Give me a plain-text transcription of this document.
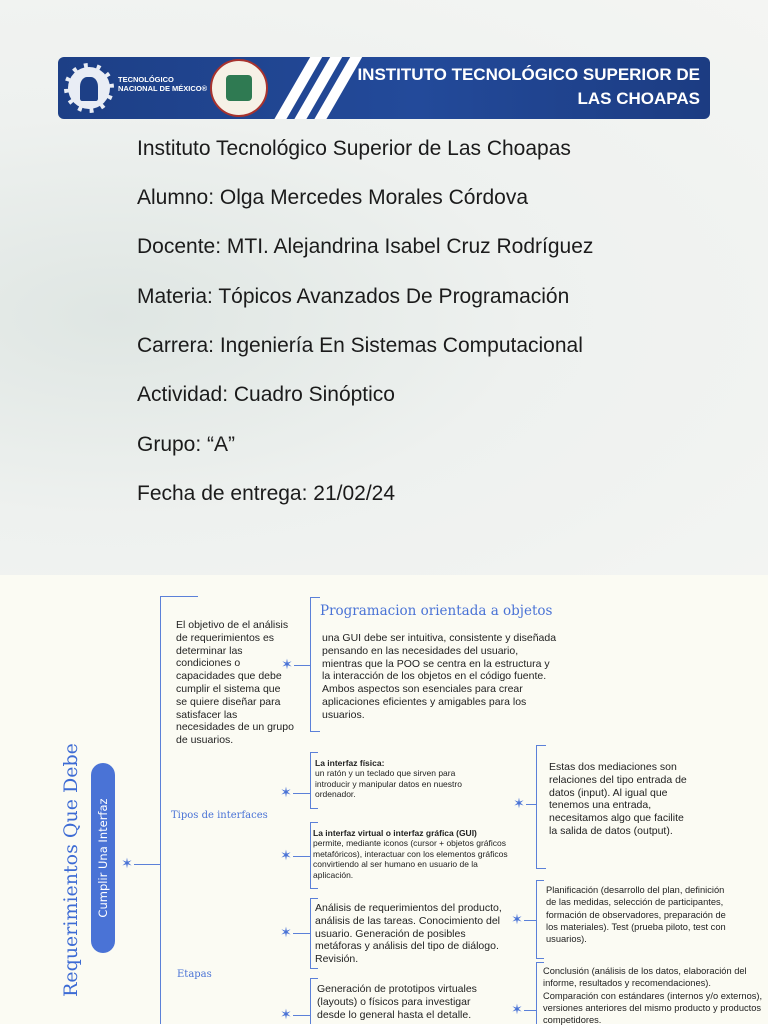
TECNOLÓGICO NACIONAL DE MÉXICO®
INSTITUTO TECNOLÓGICO SUPERIOR DE LAS CHOAPAS
Instituto Tecnológico Superior de Las Choapas
Alumno: Olga Mercedes Morales Córdova
Docente: MTI. Alejandrina Isabel Cruz Rodríguez
Materia: Tópicos Avanzados De Programación
Carrera: Ingeniería En Sistemas Computacional
Actividad: Cuadro Sinóptico
Grupo: “A”
Fecha de entrega: 21/02/24
Requerimientos Que Debe	Cumplir Una Interfaz ✶
El objetivo de el análisis de requerimientos es determinar las condiciones o capacidades que debe cumplir el sistema que se quiere diseñar para satisfacer las necesidades de un grupo de usuarios.
✶
Programacion orientada a objetos
una GUI debe ser intuitiva, consistente y diseñada pensando en las necesidades del usuario, mientras que la POO se centra en la estructura y la interacción de los objetos en el código fuente. Ambos aspectos son esenciales para crear aplicaciones eficientes y amigables para los usuarios.
Tipos de interfaces
✶
✶
La interfaz física:
un ratón y un teclado que sirven para introducir y manipular datos en nuestro ordenador.
La interfaz virtual o interfaz gráfica (GUI)
permite, mediante iconos (cursor + objetos gráficos metafóricos), interactuar con los elementos gráficos convirtiendo al ser humano en usuario de la aplicación.
✶
Estas dos mediaciones son relaciones del tipo entrada de datos (input). Al igual que tenemos una entrada, necesitamos algo que facilite la salida de datos (output).
Etapas
✶
✶
Análisis de requerimientos del producto, análisis de las tareas. Conocimiento del usuario. Generación de posibles metáforas y análisis del tipo de diálogo. Revisión.
✶
Planificación (desarrollo del plan, definición de las medidas, selección de participantes, formación de observadores, preparación de los materiales). Test (prueba piloto, test con usuarios).
Generación de prototipos virtuales (layouts) o físicos para investigar desde lo general hasta el detalle.	✶
Conclusión (análisis de los datos, elaboración del informe, resultados y recomendaciones). Comparación con estándares (internos y/o externos), versiones anteriores del mismo producto y productos competidores.
